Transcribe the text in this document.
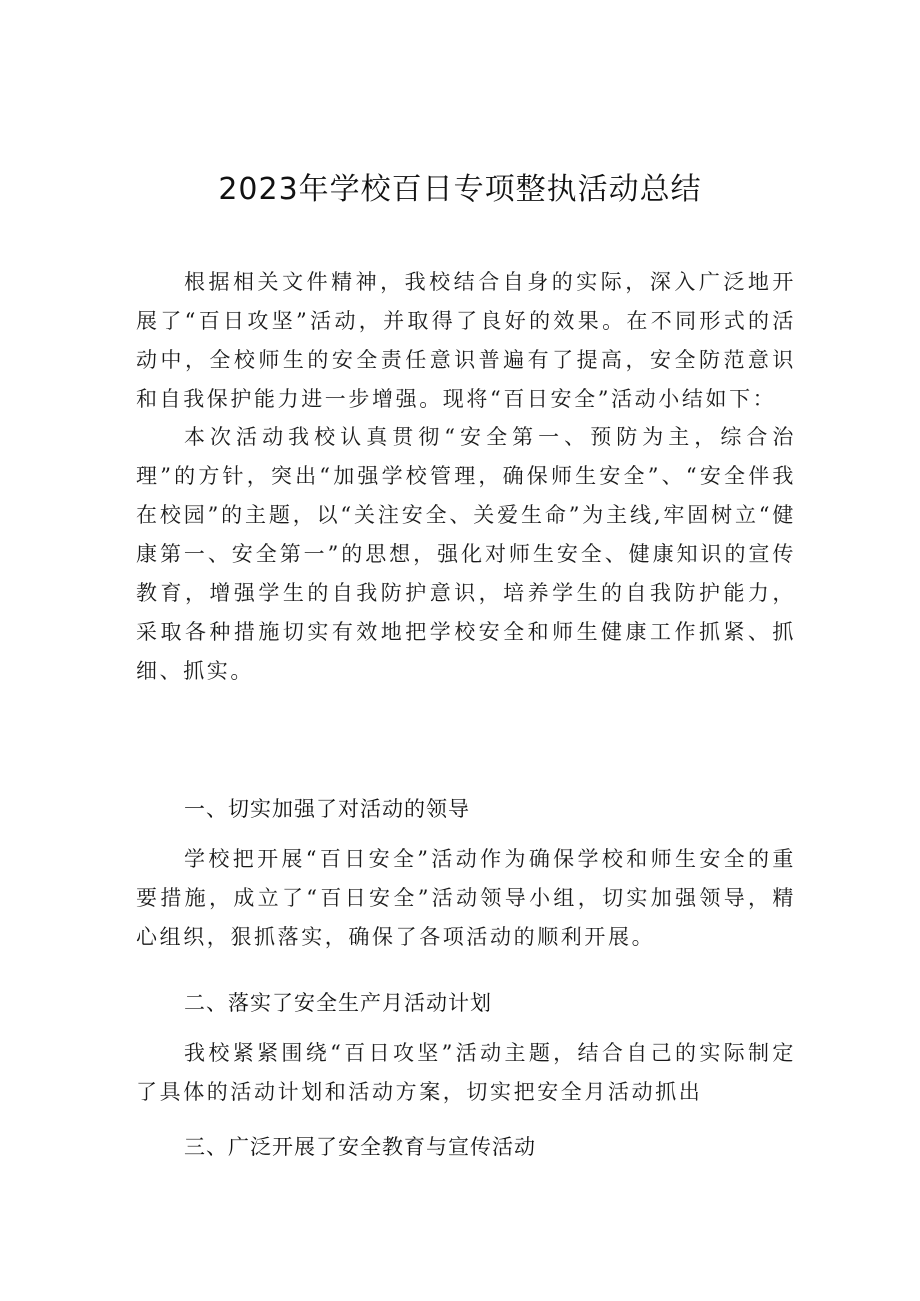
2023年学校百日专项整执活动总结

根据相关文件精神，我校结合自身的实际，深入广泛地开展了“百日攻坚”活动，并取得了良好的效果。在不同形式的活动中，全校师生的安全责任意识普遍有了提高，安全防范意识和自我保护能力进一步增强。现将“百日安全”活动小结如下：

本次活动我校认真贯彻“安全第一、预防为主，综合治理”的方针，突出“加强学校管理，确保师生安全”、“安全伴我在校园”的主题，以“关注安全、关爱生命”为主线,牢固树立“健康第一、安全第一”的思想，强化对师生安全、健康知识的宣传教育，增强学生的自我防护意识，培养学生的自我防护能力，采取各种措施切实有效地把学校安全和师生健康工作抓紧、抓细、抓实。

一、切实加强了对活动的领导

学校把开展“百日安全”活动作为确保学校和师生安全的重要措施，成立了“百日安全”活动领导小组，切实加强领导，精心组织，狠抓落实，确保了各项活动的顺利开展。

二、落实了安全生产月活动计划

我校紧紧围绕“百日攻坚”活动主题，结合自己的实际制定了具体的活动计划和活动方案，切实把安全月活动抓出

三、广泛开展了安全教育与宣传活动
